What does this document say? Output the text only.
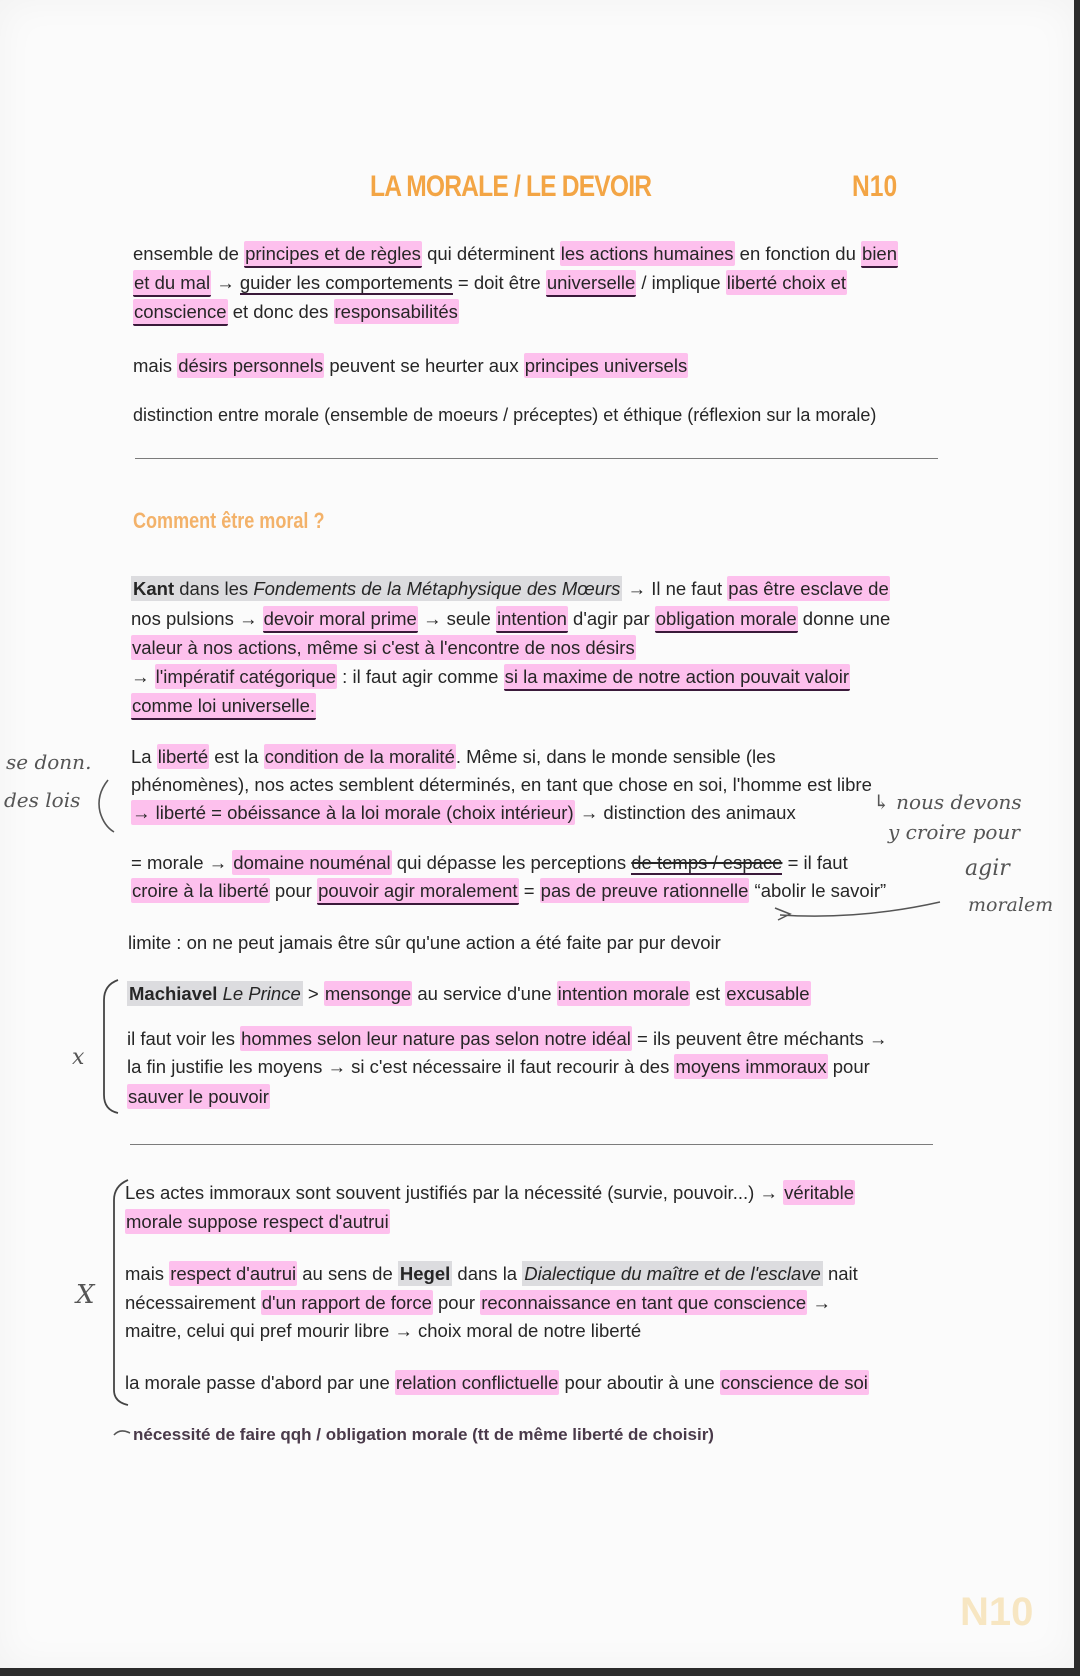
LA MORALE / LE DEVOIR	N10
ensemble de principes et de règles qui déterminent les actions humaines en fonction du bien
et du mal → guider les comportements = doit être universelle / implique liberté choix et
conscience et donc des responsabilités
mais désirs personnels peuvent se heurter aux principes universels
distinction entre morale (ensemble de moeurs / préceptes) et éthique (réflexion sur la morale)
Comment être moral ?
Kant dans les Fondements de la Métaphysique des Mœurs → Il ne faut pas être esclave de
nos pulsions → devoir moral prime → seule intention d'agir par obligation morale donne une
valeur à nos actions, même si c'est à l'encontre de nos désirs
→ l'impératif catégorique : il faut agir comme si la maxime de notre action pouvait valoir
comme loi universelle.
La liberté est la condition de la moralité. Même si, dans le monde sensible (les
phénomènes), nos actes semblent déterminés, en tant que chose en soi, l'homme est libre
→ liberté = obéissance à la loi morale (choix intérieur) → distinction des animaux
= morale → domaine nouménal qui dépasse les perceptions de temps / espace = il faut
croire à la liberté pour pouvoir agir moralement = pas de preuve rationnelle “abolir le savoir”
limite : on ne peut jamais être sûr qu'une action a été faite par pur devoir
Machiavel Le Prince > mensonge au service d'une intention morale est excusable
il faut voir les hommes selon leur nature pas selon notre idéal = ils peuvent être méchants →
la fin justifie les moyens → si c'est nécessaire il faut recourir à des moyens immoraux pour
sauver le pouvoir
Les actes immoraux sont souvent justifiés par la nécessité (survie, pouvoir...) → véritable
morale suppose respect d'autrui
mais respect d'autrui au sens de Hegel dans la Dialectique du maître et de l'esclave nait
nécessairement d'un rapport de force pour reconnaissance en tant que conscience →
maitre, celui qui pref mourir libre → choix moral de notre liberté
la morale passe d'abord par une relation conflictuelle pour aboutir à une conscience de soi
nécessité de faire qqh / obligation morale (tt de même liberté de choisir)
se donn.
des lois	↳ nous devons
y croire pour
agir
moralem
x
X
N10
